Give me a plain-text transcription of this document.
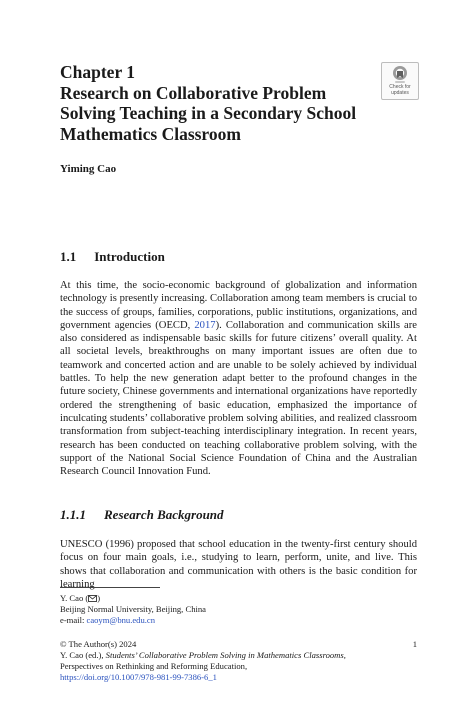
Chapter 1
Research on Collaborative Problem
Solving Teaching in a Secondary School
Mathematics Classroom
Check for
updates
Yiming Cao
1.1 Introduction

At this time, the socio-economic background of globalization and information technology is presently increasing. Collaboration among team members is crucial to the success of groups, families, corporations, public institutions, organizations, and government agencies (OECD, 2017). Collaboration and communication skills are also considered as indispensable basic skills for future citizens’ overall quality. At all societal levels, breakthroughs on many important issues are often due to teamwork and concerted action and are unable to be solely achieved by individual battles. To help the new generation adapt better to the profound changes in the future society, Chinese governments and international organizations have reportedly ordered the strengthening of basic education, emphasized the importance of inculcating students’ collaborative problem solving abilities, and realized classroom transformation from subject-teaching interdisciplinary integration. In recent years, research has been conducted on teaching collaborative problem solving, with the support of the National Social Science Foundation of China and the Australian Research Council Innovation Fund.

1.1.1 Research Background

UNESCO (1996) proposed that school education in the twenty-first century should focus on four main goals, i.e., studying to learn, perform, unite, and live. This shows that collaboration and communication with others is the basic condition for learning

Y. Cao ( )
Beijing Normal University, Beijing, China
e-mail: caoym@bnu.edu.cn

© The Author(s) 2024
Y. Cao (ed.), Students’ Collaborative Problem Solving in Mathematics Classrooms,
Perspectives on Rethinking and Reforming Education,
https://doi.org/10.1007/978-981-99-7386-6_1

1
